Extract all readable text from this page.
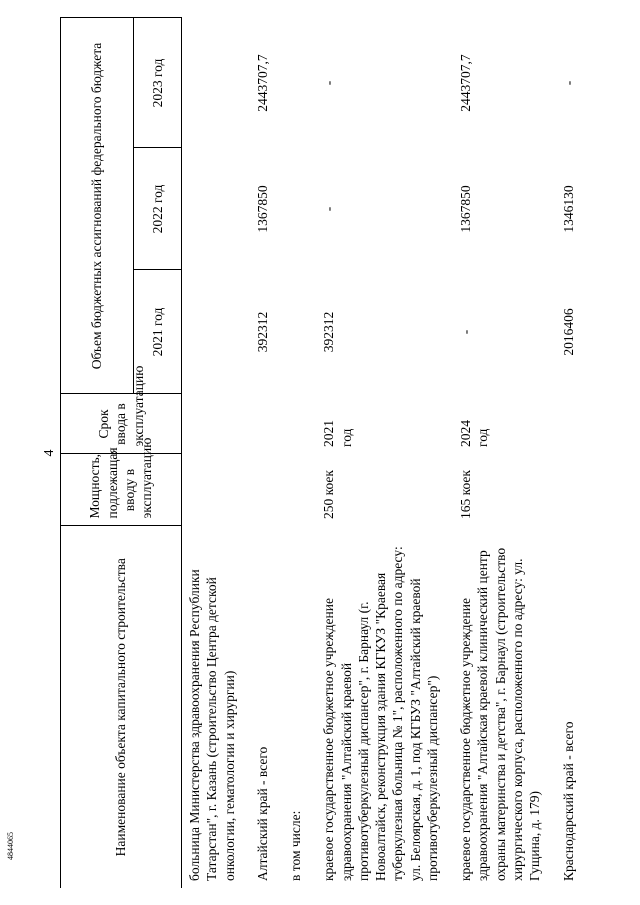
4
4844065	Наименование объекта капитального строительства	Мощность, подлежащая вводу в эксплуатацию	Срок ввода в эксплуатацию	Объем бюджетных ассигнований федерального бюджета		
			2021 год	2022 год	2023 год
больница Министерства здравоохранения Республики Татарстан", г. Казань (строительство Центра детской онкологии, гематологии и хирургии)					
Алтайский край - всего			392312	1367850	2443707,7
в том числе:					
краевое государственное бюджетное учреждение здравоохранения "Алтайский краевой противотуберкулезный диспансер", г. Барнаул (г. Новоалтайск, реконструкция здания КГКУЗ "Краевая туберкулезная больница № 1", расположенного по адресу: ул. Белоярская, д. 1, под КГБУЗ "Алтайский краевой противотуберкулезный диспансер")	250 коек	2021 год	392312	-	-
краевое государственное бюджетное учреждение здравоохранения "Алтайская краевой клинический центр охраны материнства и детства", г. Барнаул (строительство хирургического корпуса, расположенного по адресу: ул. Гущина, д. 179)	165 коек	2024 год	-	1367850	2443707,7
Краснодарский край - всего			2016406	1346130	-
